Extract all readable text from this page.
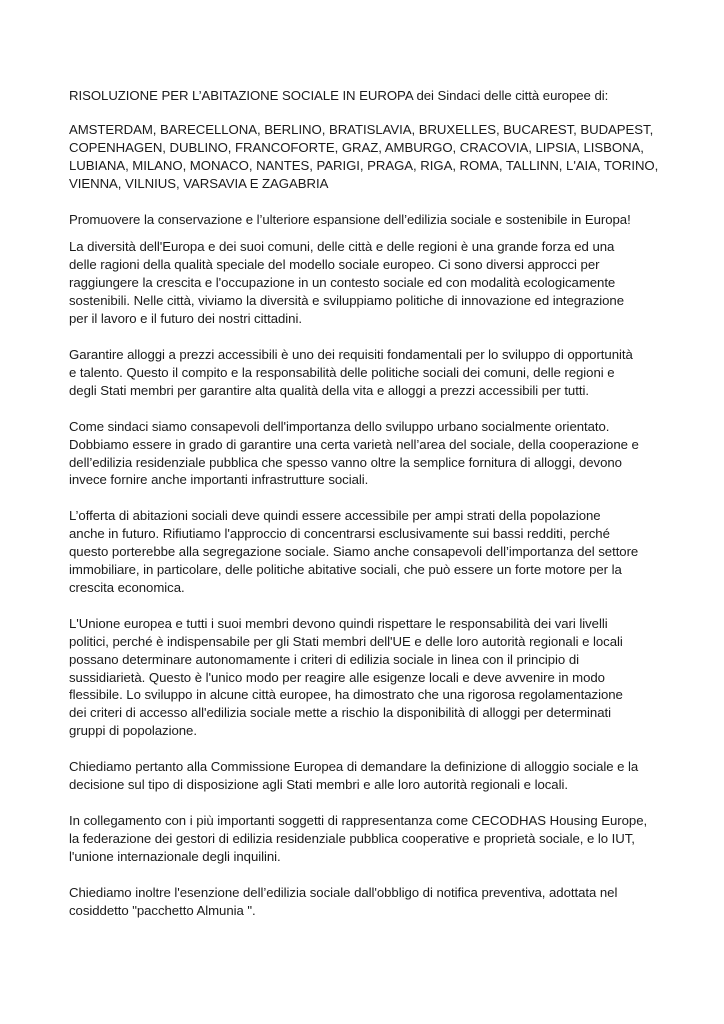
RISOLUZIONE PER L’ABITAZIONE SOCIALE IN EUROPA dei Sindaci delle città europee di:
AMSTERDAM, BARECELLONA, BERLINO, BRATISLAVIA, BRUXELLES, BUCAREST, BUDAPEST,
COPENHAGEN, DUBLINO, FRANCOFORTE, GRAZ, AMBURGO, CRACOVIA, LIPSIA, LISBONA,
LUBIANA, MILANO, MONACO, NANTES, PARIGI, PRAGA, RIGA, ROMA, TALLINN, L'AIA, TORINO,
VIENNA, VILNIUS, VARSAVIA E ZAGABRIA
Promuovere la conservazione e l’ulteriore espansione dell’edilizia sociale e sostenibile in Europa!
La diversità dell'Europa e dei suoi comuni, delle città e delle regioni è una grande forza ed una
delle ragioni della qualità speciale del modello sociale europeo. Ci sono diversi approcci per
raggiungere la crescita e l'occupazione in un contesto sociale ed con modalità ecologicamente
sostenibili. Nelle città, viviamo la diversità e sviluppiamo politiche di innovazione ed integrazione
per il lavoro e il futuro dei nostri cittadini.
Garantire alloggi a prezzi accessibili è uno dei requisiti fondamentali per lo sviluppo di opportunità
e talento. Questo il compito e la responsabilità delle politiche sociali dei comuni, delle regioni e
degli Stati membri per garantire alta qualità della vita e alloggi a prezzi accessibili per tutti.
Come sindaci siamo consapevoli dell'importanza dello sviluppo urbano socialmente orientato.
Dobbiamo essere in grado di garantire una certa varietà nell’area del sociale, della cooperazione e
dell’edilizia residenziale pubblica che spesso vanno oltre la semplice fornitura di alloggi, devono
invece fornire anche importanti infrastrutture sociali.
L’offerta di abitazioni sociali deve quindi essere accessibile per ampi strati della popolazione
anche in futuro. Rifiutiamo l'approccio di concentrarsi esclusivamente sui bassi redditi, perché
questo porterebbe alla segregazione sociale. Siamo anche consapevoli dell’importanza del settore
immobiliare, in particolare, delle politiche abitative sociali, che può essere un forte motore per la
crescita economica.
L'Unione europea e tutti i suoi membri devono quindi rispettare le responsabilità dei vari livelli
politici, perché è indispensabile per gli Stati membri dell'UE e delle loro autorità regionali e locali
possano determinare autonomamente i criteri di edilizia sociale in linea con il principio di
sussidiarietà. Questo è l'unico modo per reagire alle esigenze locali e deve avvenire in modo
flessibile. Lo sviluppo in alcune città europee, ha dimostrato che una rigorosa regolamentazione
dei criteri di accesso all'edilizia sociale mette a rischio la disponibilità di alloggi per determinati
gruppi di popolazione.
Chiediamo pertanto alla Commissione Europea di demandare la definizione di alloggio sociale e la
decisione sul tipo di disposizione agli Stati membri e alle loro autorità regionali e locali.
In collegamento con i più importanti soggetti di rappresentanza come CECODHAS Housing Europe,
la federazione dei gestori di edilizia residenziale pubblica cooperative e proprietà sociale, e lo IUT,
l'unione internazionale degli inquilini.
Chiediamo inoltre l'esenzione dell’edilizia sociale dall'obbligo di notifica preventiva, adottata nel
cosiddetto "pacchetto Almunia ".
